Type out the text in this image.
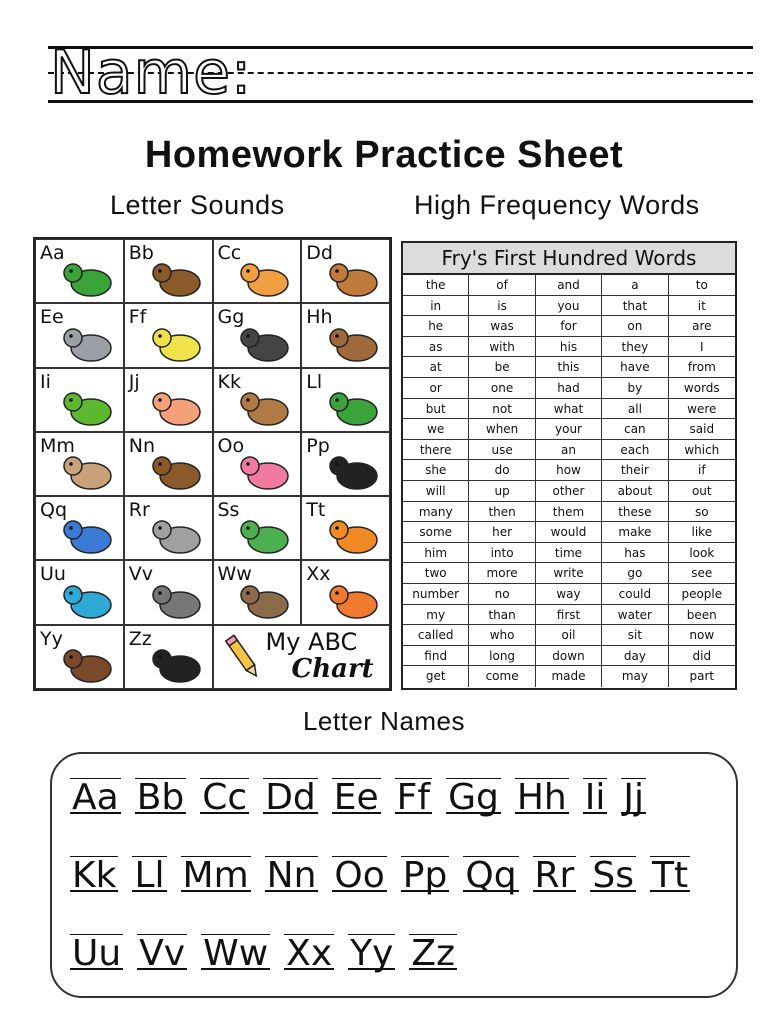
Name:
Homework Practice Sheet
Letter Sounds	High Frequency Words
Aa	Bb	Cc	Dd
Ee	Ff	Gg	Hh
Ii	Jj	Kk	Ll
Mm	Nn	Oo	Pp
Qq	Rr	Ss	Tt
Uu	Vv	Ww	Xx
Yy	Zz	My ABC
Chart
Fry's First Hundred Words
the	of	and	a	to
in	is	you	that	it
he	was	for	on	are
as	with	his	they	I
at	be	this	have	from
or	one	had	by	words
but	not	what	all	were
we	when	your	can	said
there	use	an	each	which
she	do	how	their	if
will	up	other	about	out
many	then	them	these	so
some	her	would	make	like
him	into	time	has	look
two	more	write	go	see
number	no	way	could	people
my	than	first	water	been
called	who	oil	sit	now
find	long	down	day	did
get	come	made	may	part
Letter Names
Aa Bb Cc Dd Ee Ff Gg Hh Ii Jj
Kk Ll Mm Nn Oo Pp Qq Rr Ss Tt
Uu Vv Ww Xx Yy Zz
